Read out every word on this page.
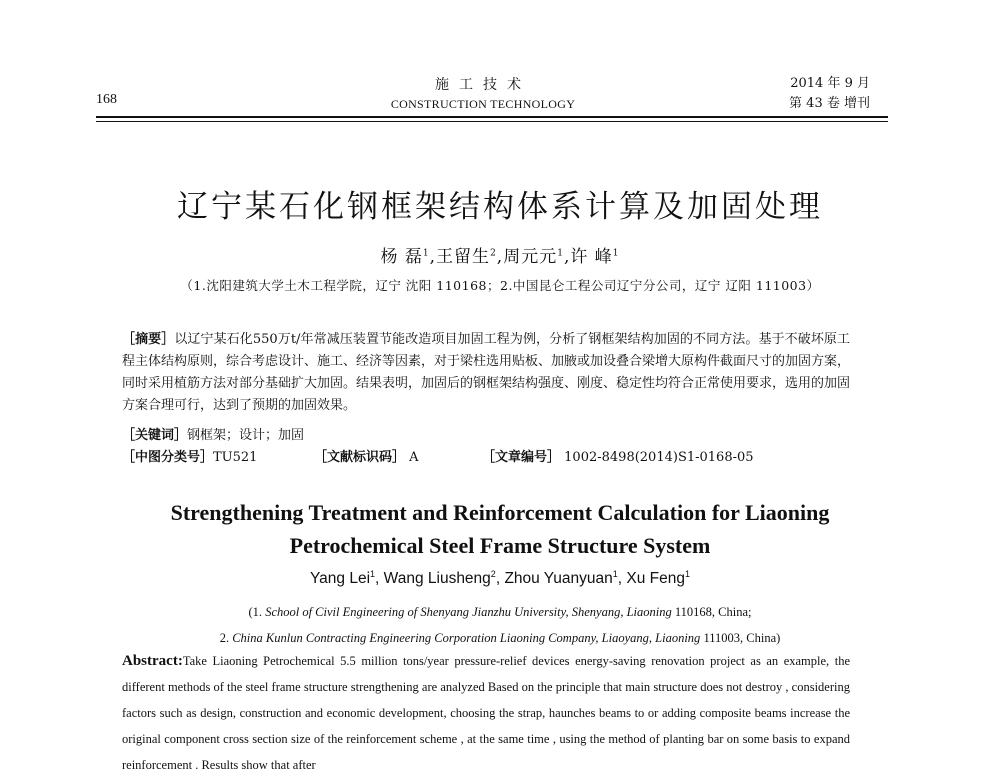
168
施工技术
CONSTRUCTION TECHNOLOGY
2014 年 9 月
第 43 卷 增刊
辽宁某石化钢框架结构体系计算及加固处理
杨 磊$^1$,王留生$^2$,周元元$^1$,许 峰$^1$
（1.沈阳建筑大学土木工程学院，辽宁 沈阳 110168；2.中国昆仑工程公司辽宁分公司，辽宁 辽阳 111003）
［摘要］以辽宁某石化550万t/年常减压装置节能改造项目加固工程为例，分析了钢框架结构加固的不同方法。基于不破坏原工程主体结构原则，综合考虑设计、施工、经济等因素，对于梁柱选用贴板、加腋或加设叠合梁增大原构件截面尺寸的加固方案，同时采用植筋方法对部分基础扩大加固。结果表明，加固后的钢框架结构强度、刚度、稳定性均符合正常使用要求，选用的加固方案合理可行，达到了预期的加固效果。
［关键词］钢框架；设计；加固
［中图分类号］TU521	［文献标识码］ A	［文章编号］ 1002-8498(2014)S1-0168-05
Strengthening Treatment and Reinforcement Calculation for Liaoning
Petrochemical Steel Frame Structure System
Yang Lei$^1$, Wang Liusheng$^2$, Zhou Yuanyuan$^1$, Xu Feng$^1$
(1. School of Civil Engineering of Shenyang Jianzhu University, Shenyang, Liaoning 110168, China;
2. China Kunlun Contracting Engineering Corporation Liaoning Company, Liaoyang, Liaoning 111003, China)
Abstract:Take Liaoning Petrochemical 5.5 million tons/year pressure-relief devices energy-saving renovation project as an example, the different methods of the steel frame structure strengthening are analyzed Based on the principle that main structure does not destroy , considering factors such as design, construction and economic development, choosing the strap, haunches beams to or adding composite beams increase the original component cross section size of the reinforcement scheme , at the same time , using the method of planting bar on some basis to expand reinforcement . Results show that after
